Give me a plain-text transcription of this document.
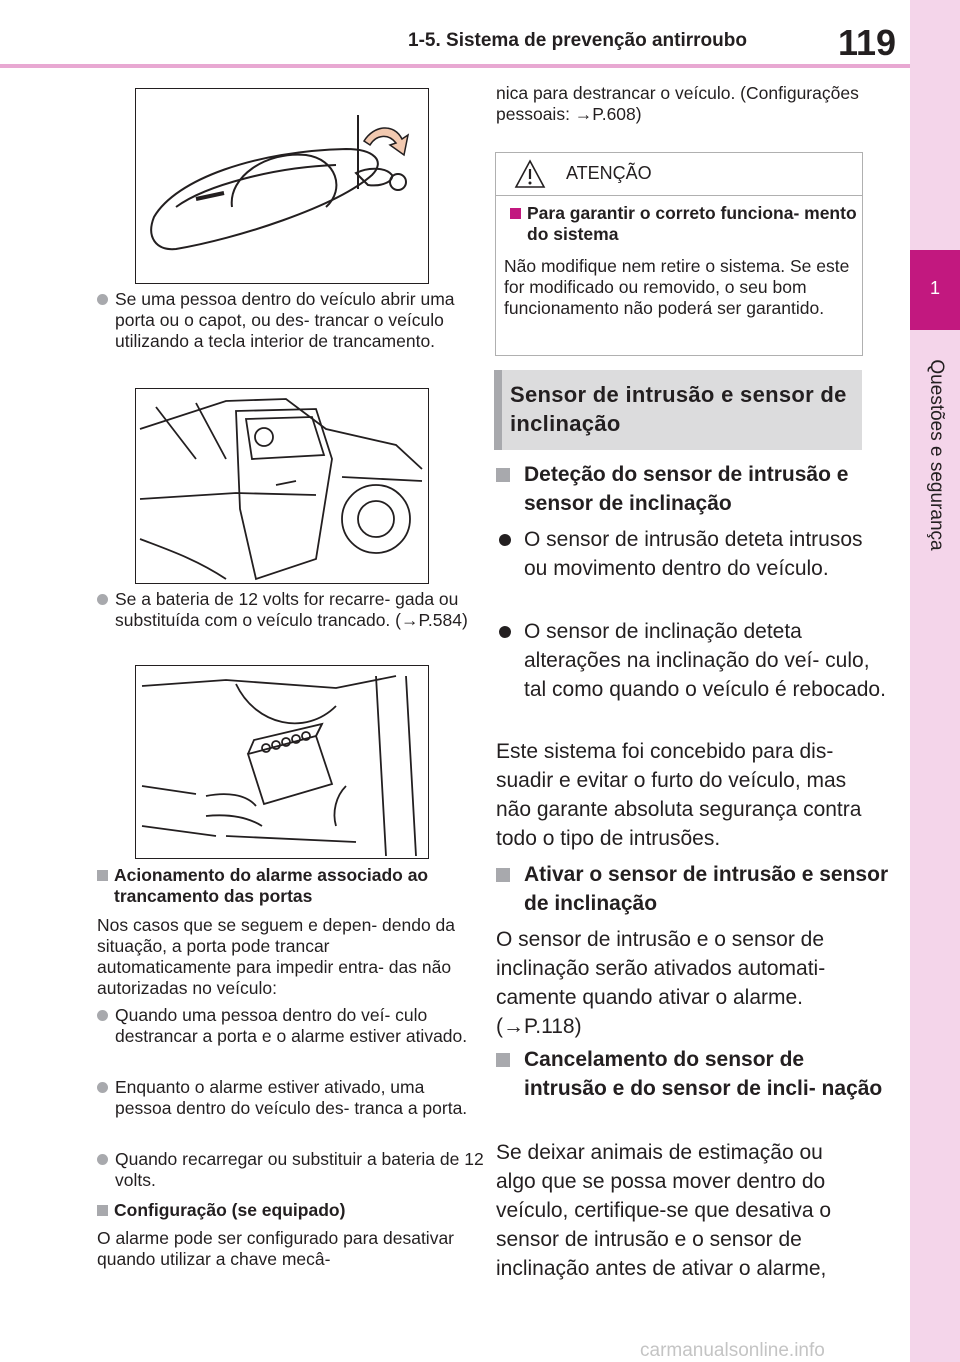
1-5. Sistema de prevenção antirroubo	119
1
Questões e segurança
Se uma pessoa dentro do veículo abrir uma porta ou o capot, ou des- trancar o veículo utilizando a tecla interior de trancamento.
Se a bateria de 12 volts for recarre- gada ou substituída com o veículo trancado. (→P.584)
Acionamento do alarme associado ao trancamento das portas
Nos casos que se seguem e depen- dendo da situação, a porta pode trancar automaticamente para impedir entra- das não autorizadas no veículo:
Quando uma pessoa dentro do veí- culo destrancar a porta e o alarme estiver ativado.
Enquanto o alarme estiver ativado, uma pessoa dentro do veículo des- tranca a porta.
Quando recarregar ou substituir a bateria de 12 volts.
Configuração (se equipado)
O alarme pode ser configurado para desativar quando utilizar a chave mecâ-
nica para destrancar o veículo. (Configurações pessoais: →P.608)
ATENÇÃO
Para garantir o correto funciona- mento do sistema
Não modifique nem retire o sistema. Se este for modificado ou removido, o seu bom funcionamento não poderá ser garantido.
Sensor de intrusão e sensor de inclinação
Deteção do sensor de intrusão e sensor de inclinação
O sensor de intrusão deteta intrusos ou movimento dentro do veículo.
O sensor de inclinação deteta alterações na inclinação do veí- culo, tal como quando o veículo é rebocado.
Este sistema foi concebido para dis- suadir e evitar o furto do veículo, mas não garante absoluta segurança contra todo o tipo de intrusões.
Ativar o sensor de intrusão e sensor de inclinação
O sensor de intrusão e o sensor de inclinação serão ativados automati- camente quando ativar o alarme. (→P.118)
Cancelamento do sensor de intrusão e do sensor de incli- nação
Se deixar animais de estimação ou algo que se possa mover dentro do veículo, certifique-se que desativa o sensor de intrusão e o sensor de inclinação antes de ativar o alarme,
carmanualsonline.info
